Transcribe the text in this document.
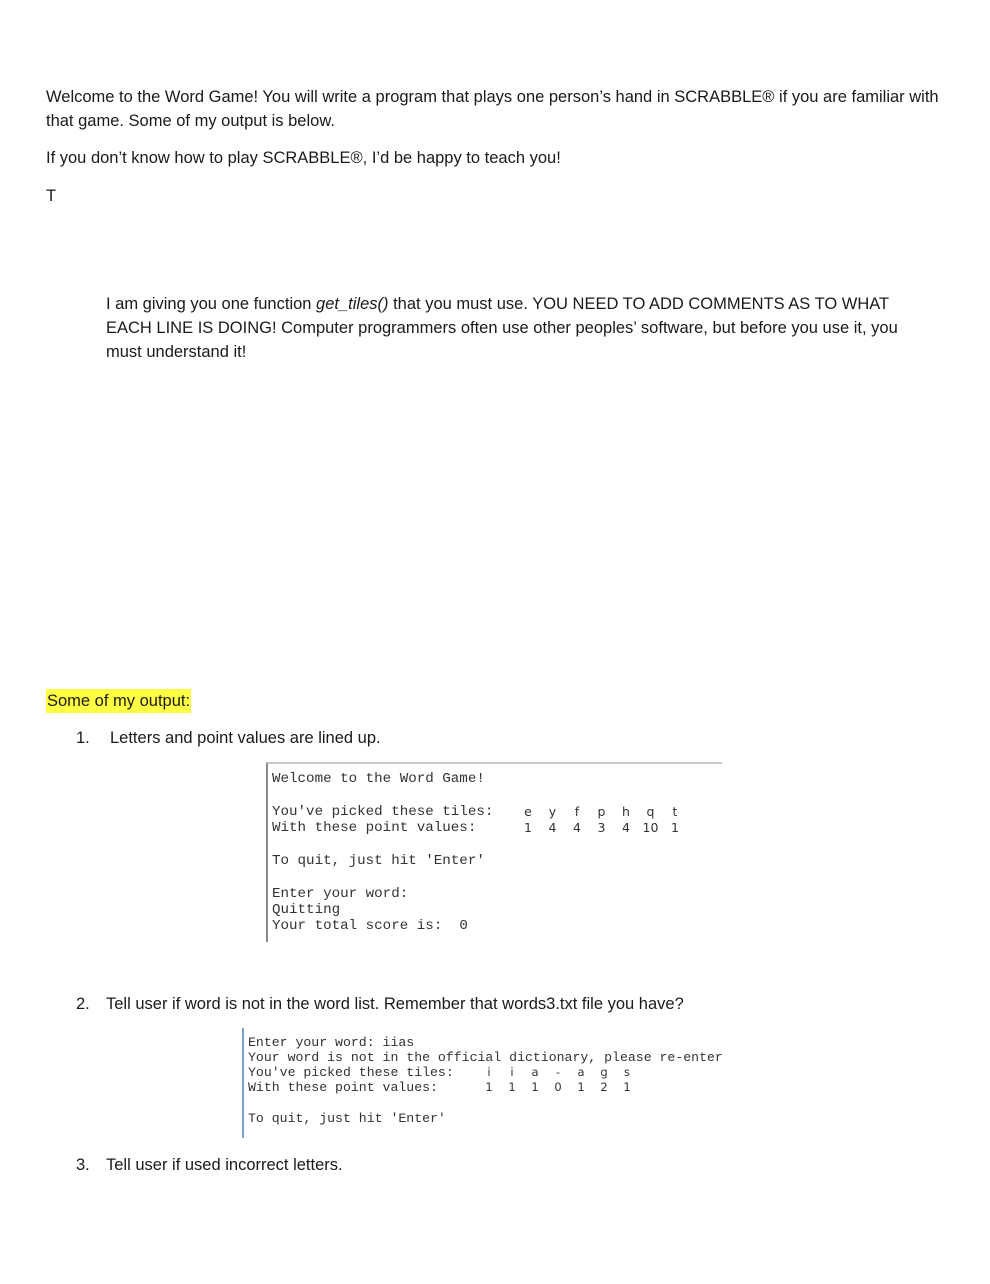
Welcome to the Word Game! You will write a program that plays one person’s hand in SCRABBLE® if you are familiar with that game. Some of my output is below.
If you don’t know how to play SCRABBLE®, I’d be happy to teach you!
T
I am giving you one function get_tiles() that you must use. YOU NEED TO ADD COMMENTS AS TO WHAT EACH LINE IS DOING! Computer programmers often use other peoples’ software, but before you use it, you must understand it!
Some of my output:
1. Letters and point values are lined up.
Welcome to the Word Game!
You've picked these tiles:
With these point values:
e
1
y
4
f
4
p
3
h
4
q
10
t
1
To quit, just hit 'Enter'
Enter your word:
Quitting
Your total score is: 0
2. Tell user if word is not in the word list. Remember that words3.txt file you have?
Enter your word: iias
Your word is not in the official dictionary, please re-enter
You've picked these tiles:
With these point values:
i
1
i
1
a
1
-
0
a
1
g
2
s
1
To quit, just hit 'Enter'
3. Tell user if used incorrect letters.
